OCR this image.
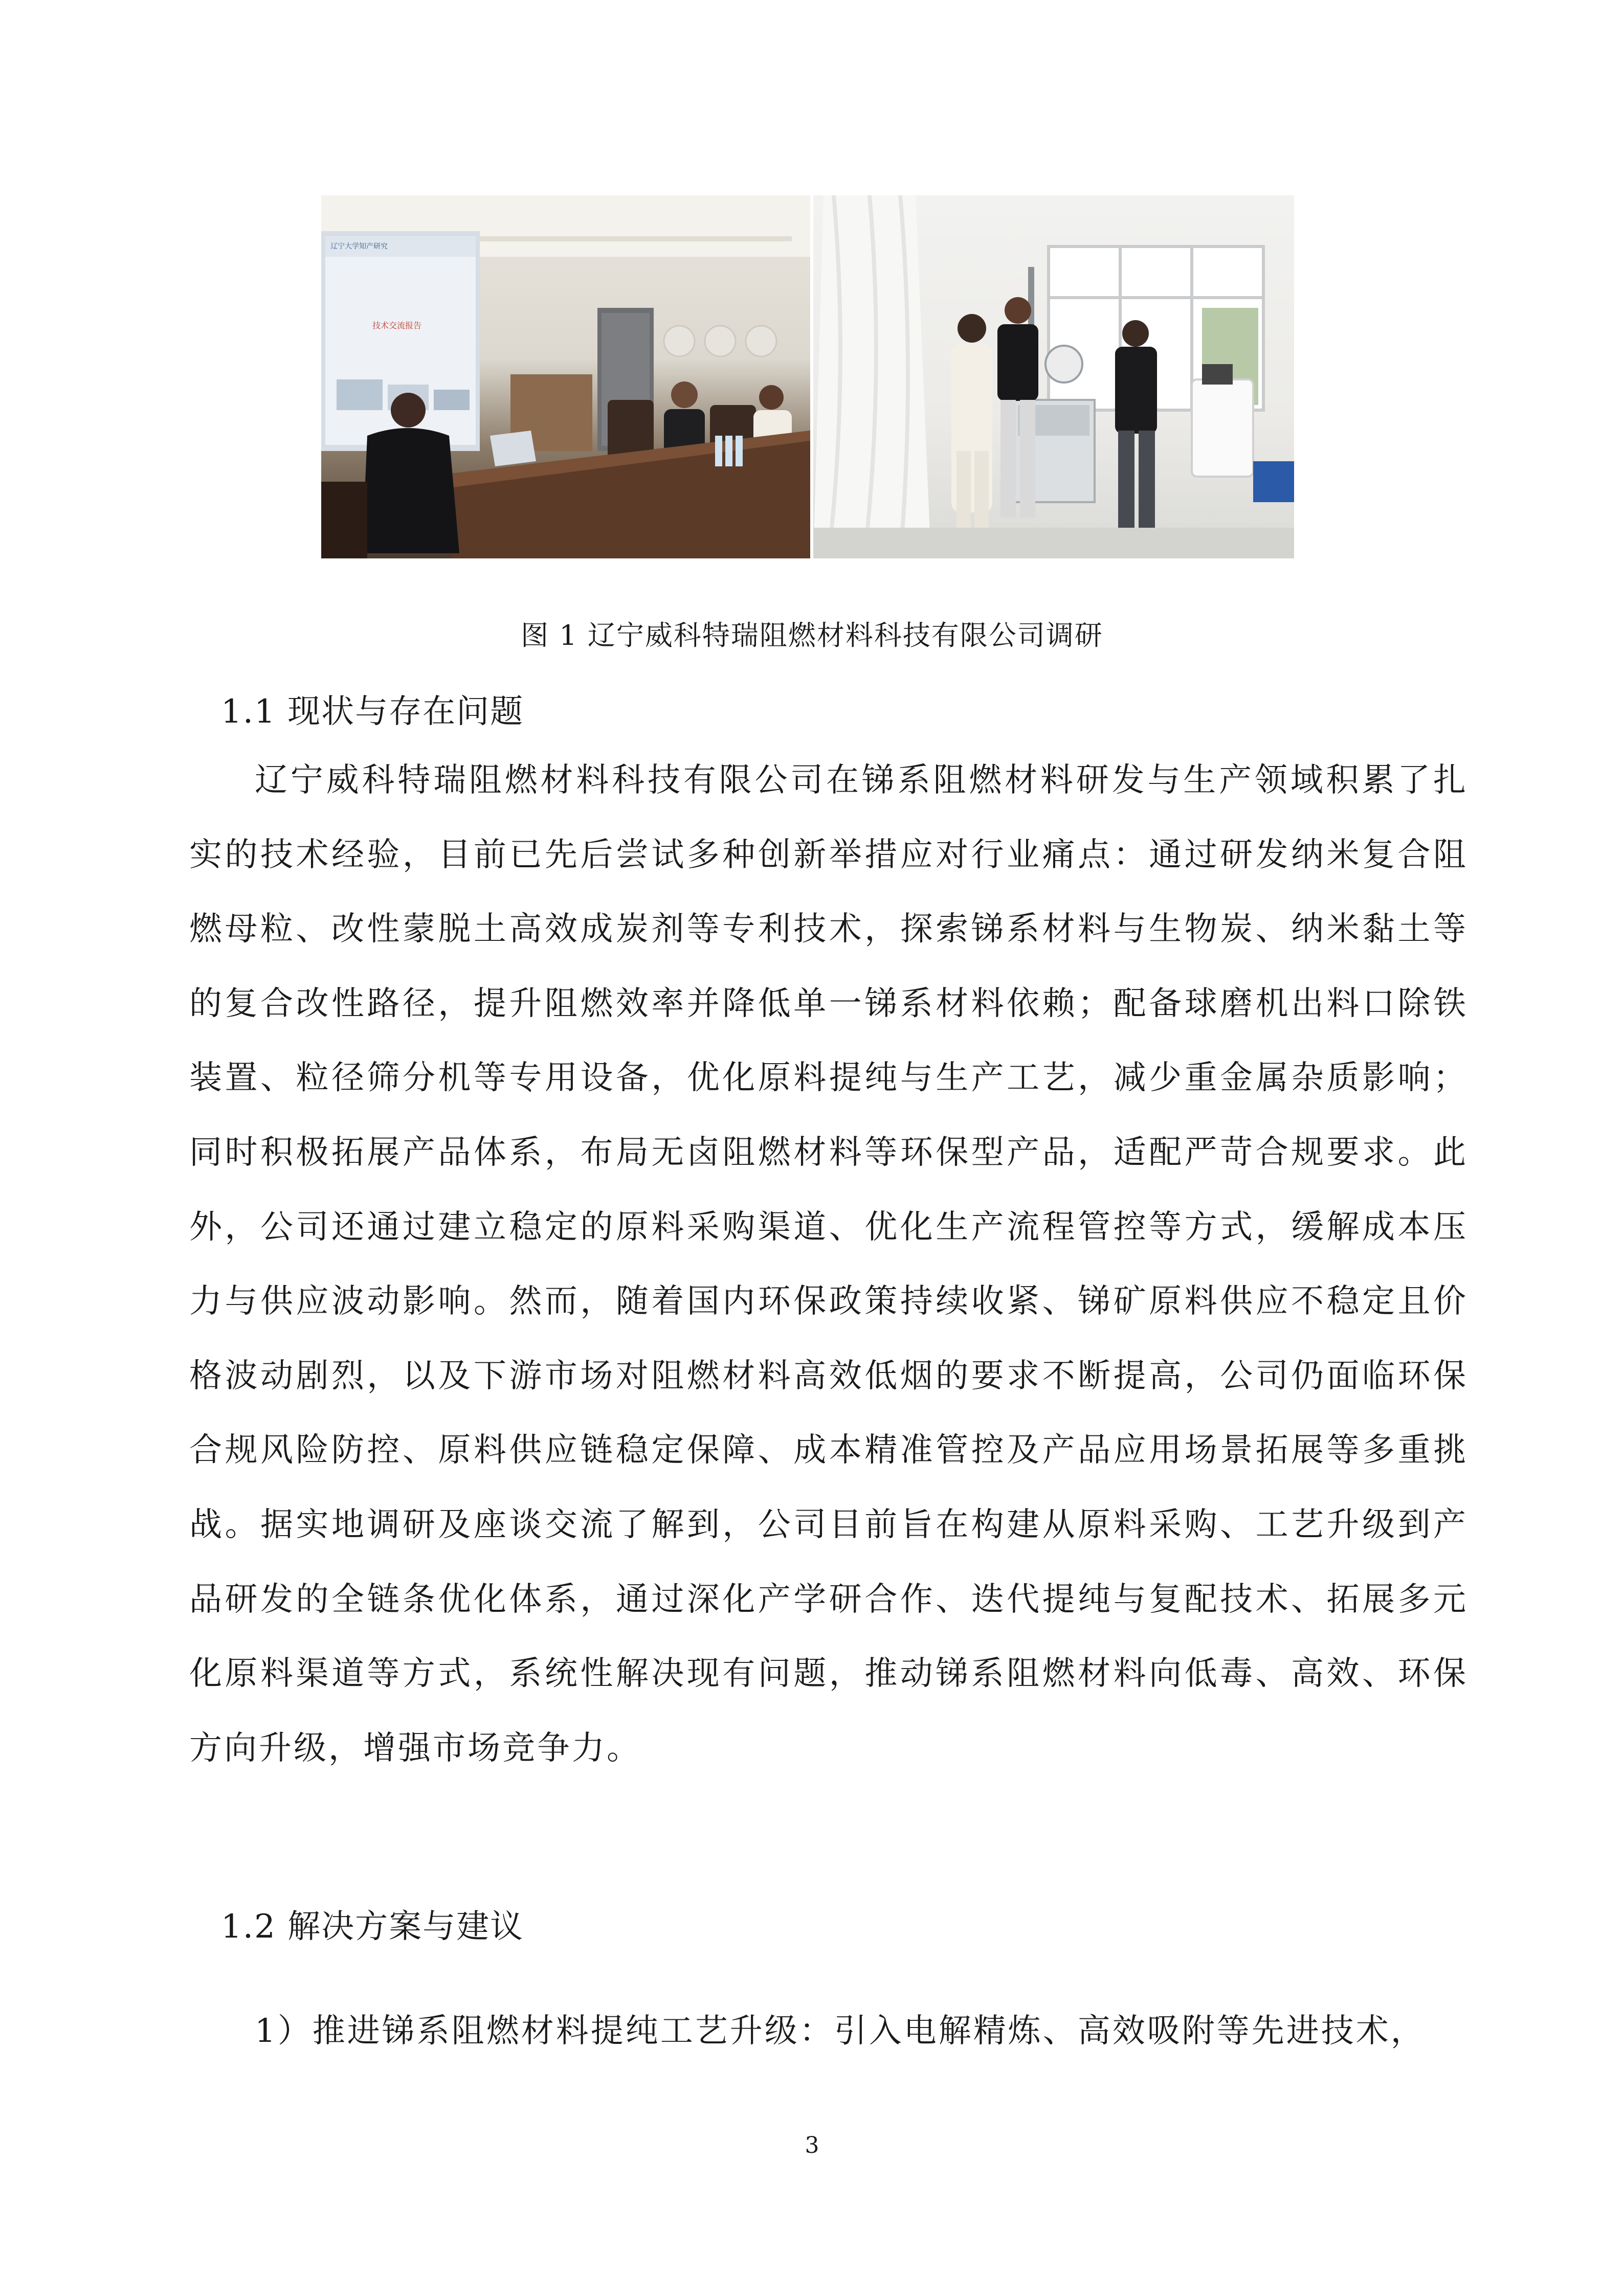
辽宁大学知产研究
技术交流报告
图 1 辽宁威科特瑞阻燃材料科技有限公司调研
1.1 现状与存在问题

辽宁威科特瑞阻燃材料科技有限公司在锑系阻燃材料研发与生产领域积累了扎实的技术经验，目前已先后尝试多种创新举措应对行业痛点：通过研发纳米复合阻燃母粒、改性蒙脱土高效成炭剂等专利技术，探索锑系材料与生物炭、纳米黏土等的复合改性路径，提升阻燃效率并降低单一锑系材料依赖；配备球磨机出料口除铁装置、粒径筛分机等专用设备，优化原料提纯与生产工艺，减少重金属杂质影响；同时积极拓展产品体系，布局无卤阻燃材料等环保型产品，适配严苛合规要求。此外，公司还通过建立稳定的原料采购渠道、优化生产流程管控等方式，缓解成本压力与供应波动影响。然而，随着国内环保政策持续收紧、锑矿原料供应不稳定且价格波动剧烈，以及下游市场对阻燃材料高效低烟的要求不断提高，公司仍面临环保合规风险防控、原料供应链稳定保障、成本精准管控及产品应用场景拓展等多重挑战。据实地调研及座谈交流了解到，公司目前旨在构建从原料采购、工艺升级到产品研发的全链条优化体系，通过深化产学研合作、迭代提纯与复配技术、拓展多元化原料渠道等方式，系统性解决现有问题，推动锑系阻燃材料向低毒、高效、环保方向升级，增强市场竞争力。

1.2 解决方案与建议

1）推进锑系阻燃材料提纯工艺升级：引入电解精炼、高效吸附等先进技术，

3
